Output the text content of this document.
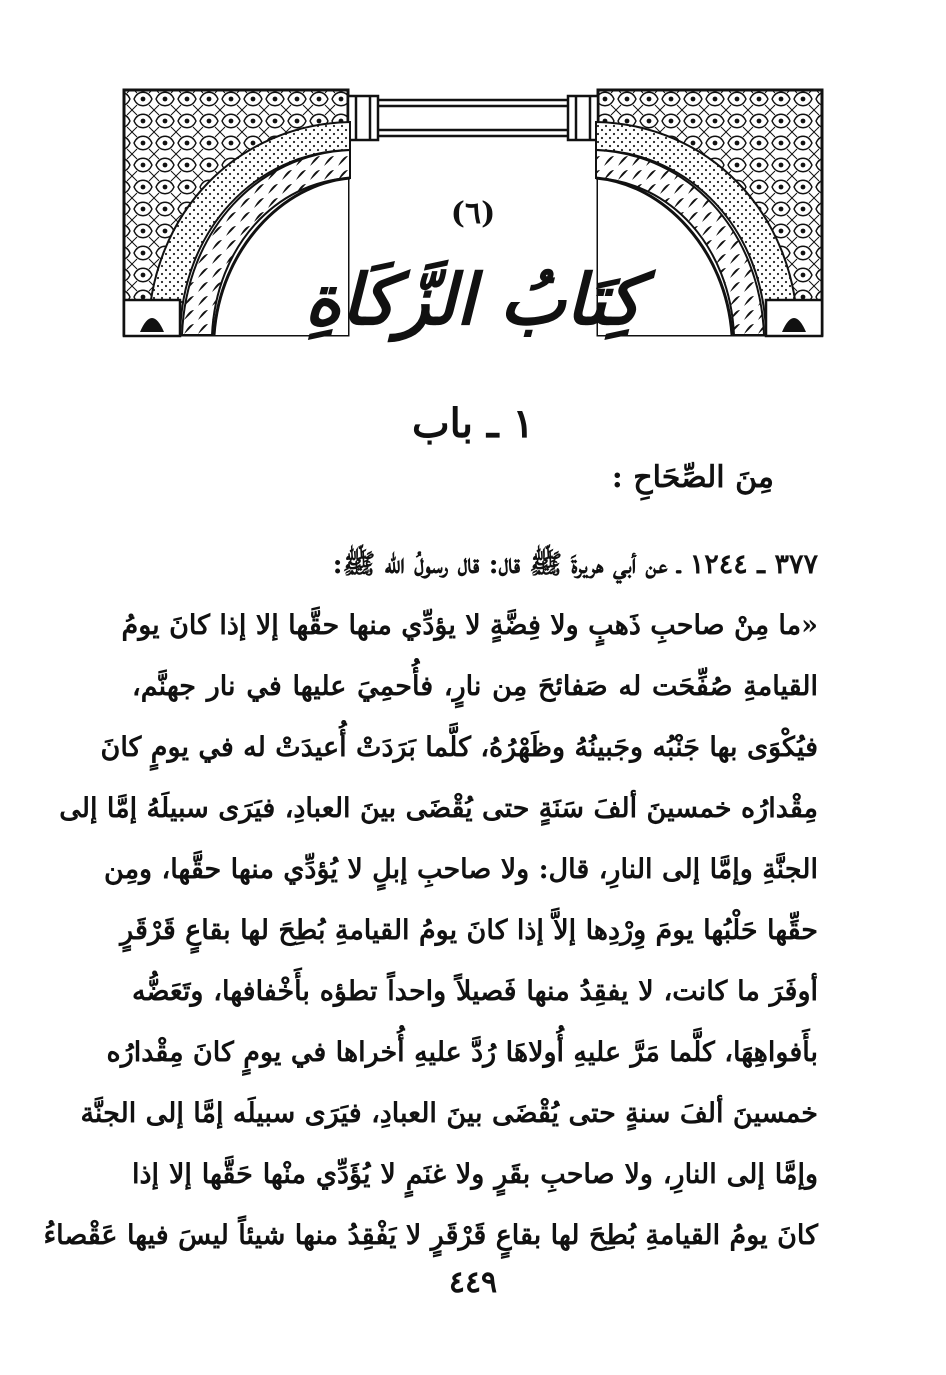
(٦)
كِتَابُ الزَّكَاةِ
١ ـ باب
مِنَ الصِّحَاحِ :
٣٧٧ ـ ١٢٤٤ ـ عن أبي هريرةَ ﷺ قال: قال رسولُ الله ﷺ:
«ما مِنْ صاحبِ ذَهبٍ ولا فِضَّةٍ لا يؤدِّي منها حقَّها إلا إذا كانَ يومُ
القيامةِ صُفِّحَت له صَفائحَ مِن نارٍ، فأُحمِيَ عليها في نار جهنَّم،
فيُكْوَى بها جَنْبُه وجَبينُهُ وظَهْرُهُ، كلَّما بَرَدَتْ أُعيدَتْ له في يومٍ كانَ
مِقْدارُه خمسينَ ألفَ سَنَةٍ حتى يُقْضَى بينَ العبادِ، فيَرَى سبيلَهُ إمَّا إلى
الجنَّةِ وإمَّا إلى النارِ، قال: ولا صاحبِ إبلٍ لا يُؤدِّي منها حقَّها، ومِن
حقِّها حَلْبُها يومَ وِرْدِها إلاَّ إذا كانَ يومُ القيامةِ بُطِحَ لها بقاعٍ قَرْقَرٍ
أوفَرَ ما كانت، لا يفقِدُ منها فَصيلاً واحداً تطؤه بأَخْفافها، وتَعَضُّه
بأَفواهِهَا، كلَّما مَرَّ عليهِ أُولاهَا رُدَّ عليهِ أُخراها في يومٍ كانَ مِقْدارُه
خمسينَ ألفَ سنةٍ حتى يُقْضَى بينَ العبادِ، فيَرَى سبيلَه إمَّا إلى الجنَّة
وإمَّا إلى النارِ، ولا صاحبِ بقَرٍ ولا غنَمٍ لا يُؤَدِّي منْها حَقَّها إلا إذا
كانَ يومُ القيامةِ بُطِحَ لها بقاعٍ قَرْقَرٍ لا يَفْقِدُ منها شيئاً ليسَ فيها عَقْصاءُ
٤٤٩
